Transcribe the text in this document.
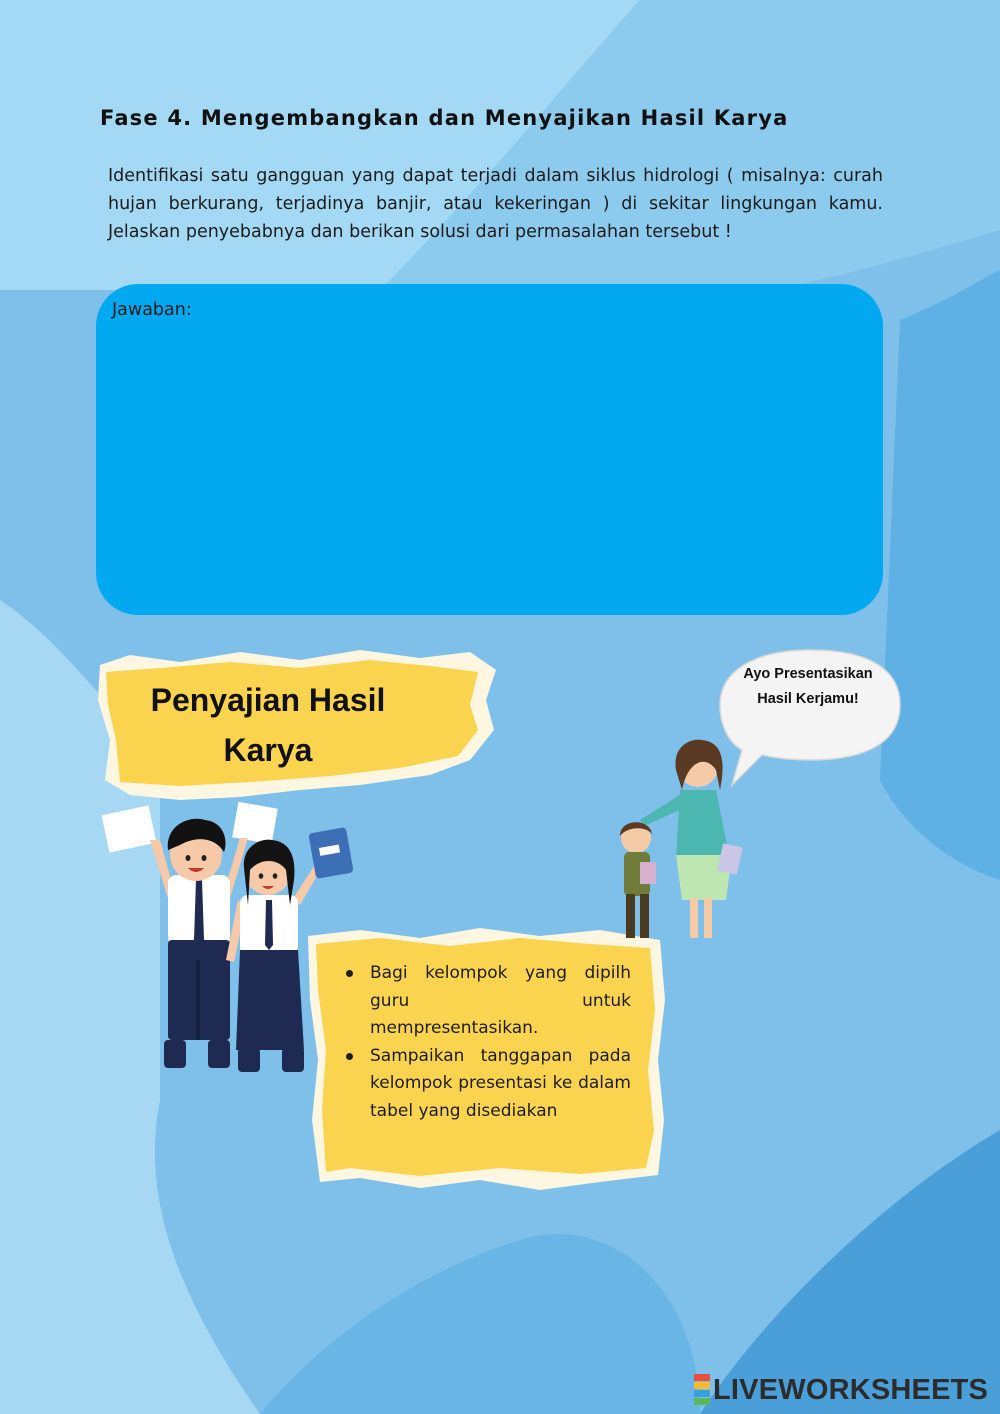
Fase 4. Mengembangkan dan Menyajikan Hasil Karya
Identifikasi satu gangguan yang dapat terjadi dalam siklus hidrologi ( misalnya: curah hujan berkurang, terjadinya banjir, atau kekeringan ) di sekitar lingkungan kamu. Jelaskan penyebabnya dan berikan solusi dari permasalahan tersebut !
Jawaban:
Penyajian Hasil Karya
Ayo Presentasikan Hasil Kerjamu!
Bagi kelompok yang dipilh guru untuk mempresentasikan.
Sampaikan tanggapan pada kelompok presentasi ke dalam tabel yang disediakan
LIVEWORKSHEETS
